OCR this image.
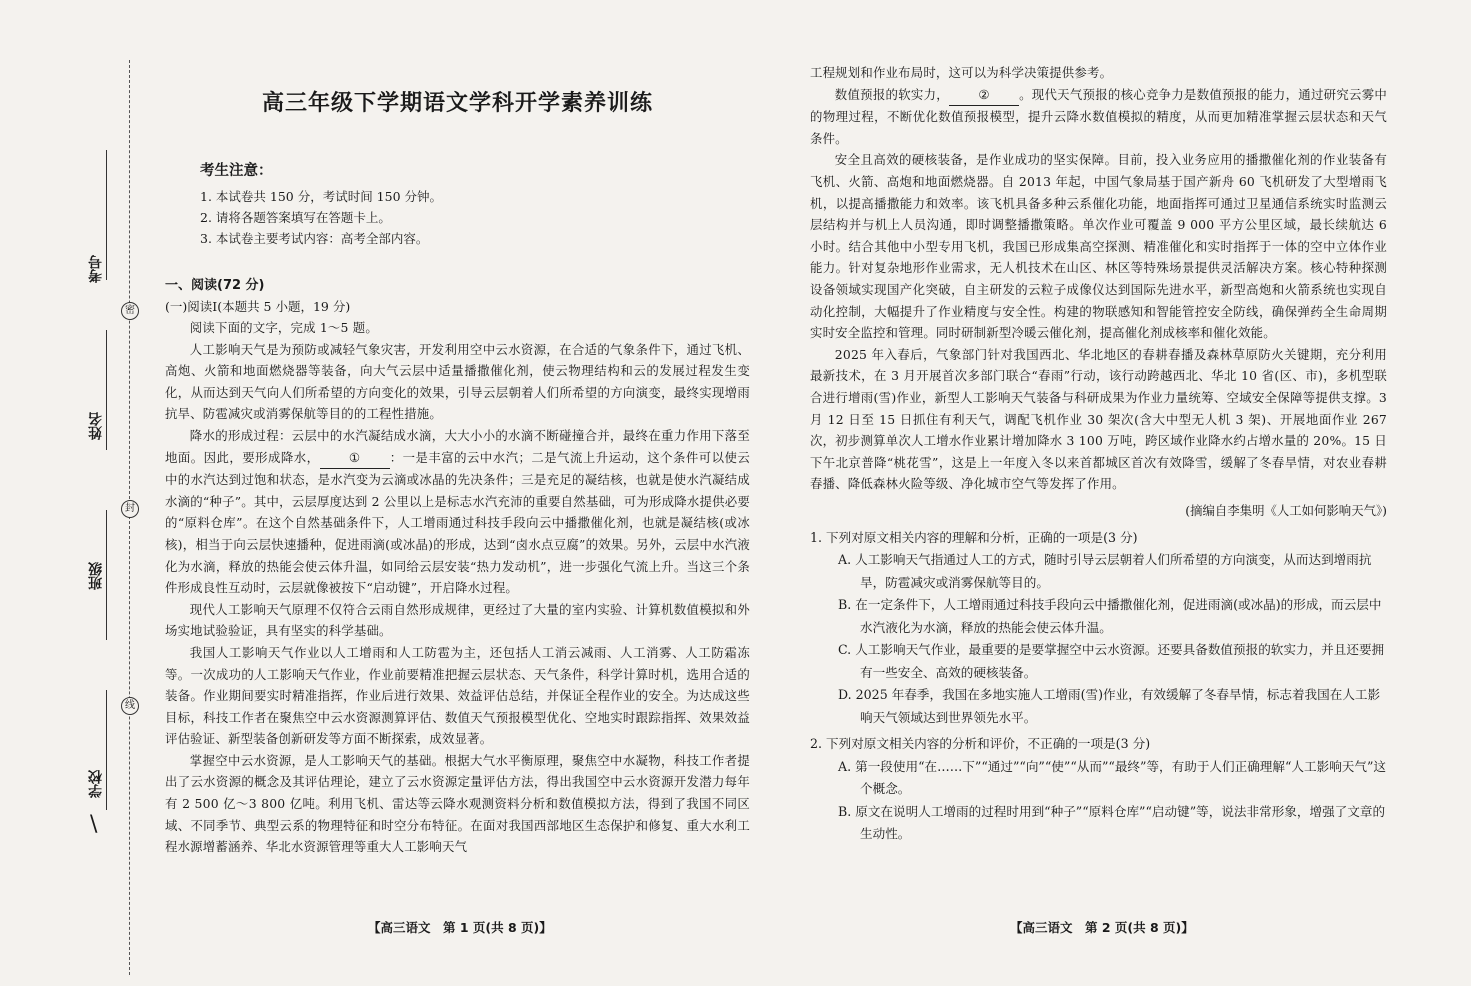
考号
姓名
班级
学校
密
封
线
\
高三年级下学期语文学科开学素养训练
考生注意：
1. 本试卷共 150 分，考试时间 150 分钟。
2. 请将各题答案填写在答题卡上。
3. 本试卷主要考试内容：高考全部内容。
一、阅读(72 分)
(一)阅读Ⅰ(本题共 5 小题，19 分)

阅读下面的文字，完成 1～5 题。

人工影响天气是为预防或减轻气象灾害，开发利用空中云水资源，在合适的气象条件下，通过飞机、高炮、火箭和地面燃烧器等装备，向大气云层中适量播撒催化剂，使云物理结构和云的发展过程发生变化，从而达到天气向人们所希望的方向变化的效果，引导云层朝着人们所希望的方向演变，最终实现增雨抗旱、防雹减灾或消雾保航等目的的工程性措施。

降水的形成过程：云层中的水汽凝结成水滴，大大小小的水滴不断碰撞合并，最终在重力作用下落至地面。因此，要形成降水， ① ：一是丰富的云中水汽；二是气流上升运动，这个条件可以使云中的水汽达到过饱和状态，是水汽变为云滴或冰晶的先决条件；三是充足的凝结核，也就是使水汽凝结成水滴的“种子”。其中，云层厚度达到 2 公里以上是标志水汽充沛的重要自然基础，可为形成降水提供必要的“原料仓库”。在这个自然基础条件下，人工增雨通过科技手段向云中播撒催化剂，也就是凝结核(或冰核)，相当于向云层快速播种，促进雨滴(或冰晶)的形成，达到“卤水点豆腐”的效果。另外，云层中水汽液化为水滴，释放的热能会使云体升温，如同给云层安装“热力发动机”，进一步强化气流上升。当这三个条件形成良性互动时，云层就像被按下“启动键”，开启降水过程。

现代人工影响天气原理不仅符合云雨自然形成规律，更经过了大量的室内实验、计算机数值模拟和外场实地试验验证，具有坚实的科学基础。

我国人工影响天气作业以人工增雨和人工防雹为主，还包括人工消云减雨、人工消雾、人工防霜冻等。一次成功的人工影响天气作业，作业前要精准把握云层状态、天气条件，科学计算时机，选用合适的装备。作业期间要实时精准指挥，作业后进行效果、效益评估总结，并保证全程作业的安全。为达成这些目标，科技工作者在聚焦空中云水资源测算评估、数值天气预报模型优化、空地实时跟踪指挥、效果效益评估验证、新型装备创新研发等方面不断探索，成效显著。

掌握空中云水资源，是人工影响天气的基础。根据大气水平衡原理，聚焦空中水凝物，科技工作者提出了云水资源的概念及其评估理论，建立了云水资源定量评估方法，得出我国空中云水资源开发潜力每年有 2 500 亿～3 800 亿吨。利用飞机、雷达等云降水观测资料分析和数值模拟方法，得到了我国不同区域、不同季节、典型云系的物理特征和时空分布特征。在面对我国西部地区生态保护和修复、重大水利工程水源增蓄涵养、华北水资源管理等重大人工影响天气

【高三语文　第 1 页(共 8 页)】

工程规划和作业布局时，这可以为科学决策提供参考。

数值预报的软实力， ② 。现代天气预报的核心竞争力是数值预报的能力，通过研究云雾中的物理过程，不断优化数值预报模型，提升云降水数值模拟的精度，从而更加精准掌握云层状态和天气条件。

安全且高效的硬核装备，是作业成功的坚实保障。目前，投入业务应用的播撒催化剂的作业装备有飞机、火箭、高炮和地面燃烧器。自 2013 年起，中国气象局基于国产新舟 60 飞机研发了大型增雨飞机，以提高播撒能力和效率。该飞机具备多种云系催化功能，地面指挥可通过卫星通信系统实时监测云层结构并与机上人员沟通，即时调整播撒策略。单次作业可覆盖 9 000 平方公里区域，最长续航达 6 小时。结合其他中小型专用飞机，我国已形成集高空探测、精准催化和实时指挥于一体的空中立体作业能力。针对复杂地形作业需求，无人机技术在山区、林区等特殊场景提供灵活解决方案。核心特种探测设备领域实现国产化突破，自主研发的云粒子成像仪达到国际先进水平，新型高炮和火箭系统也实现自动化控制，大幅提升了作业精度与安全性。构建的物联感知和智能管控安全防线，确保弹药全生命周期实时安全监控和管理。同时研制新型冷暖云催化剂，提高催化剂成核率和催化效能。

2025 年入春后，气象部门针对我国西北、华北地区的春耕春播及森林草原防火关键期，充分利用最新技术，在 3 月开展首次多部门联合“春雨”行动，该行动跨越西北、华北 10 省(区、市)，多机型联合进行增雨(雪)作业，新型人工影响天气装备与科研成果为作业力量统筹、空域安全保障等提供支撑。3 月 12 日至 15 日抓住有利天气，调配飞机作业 30 架次(含大中型无人机 3 架)、开展地面作业 267 次，初步测算单次人工增水作业累计增加降水 3 100 万吨，跨区域作业降水约占增水量的 20%。15 日下午北京普降“桃花雪”，这是上一年度入冬以来首都城区首次有效降雪，缓解了冬春旱情，对农业春耕春播、降低森林火险等级、净化城市空气等发挥了作用。

(摘编自李集明《人工如何影响天气》)
1. 下列对原文相关内容的理解和分析，正确的一项是(3 分)
A. 人工影响天气指通过人工的方式，随时引导云层朝着人们所希望的方向演变，从而达到增雨抗旱，防雹减灾或消雾保航等目的。
B. 在一定条件下，人工增雨通过科技手段向云中播撒催化剂，促进雨滴(或冰晶)的形成，而云层中水汽液化为水滴，释放的热能会使云体升温。
C. 人工影响天气作业，最重要的是要掌握空中云水资源。还要具备数值预报的软实力，并且还要拥有一些安全、高效的硬核装备。
D. 2025 年春季，我国在多地实施人工增雨(雪)作业，有效缓解了冬春旱情，标志着我国在人工影响天气领域达到世界领先水平。
2. 下列对原文相关内容的分析和评价，不正确的一项是(3 分)
A. 第一段使用“在……下”“通过”“向”“使”“从而”“最终”等，有助于人们正确理解“人工影响天气”这个概念。
B. 原文在说明人工增雨的过程时用到“种子”“原料仓库”“启动键”等，说法非常形象，增强了文章的生动性。
【高三语文　第 2 页(共 8 页)】
